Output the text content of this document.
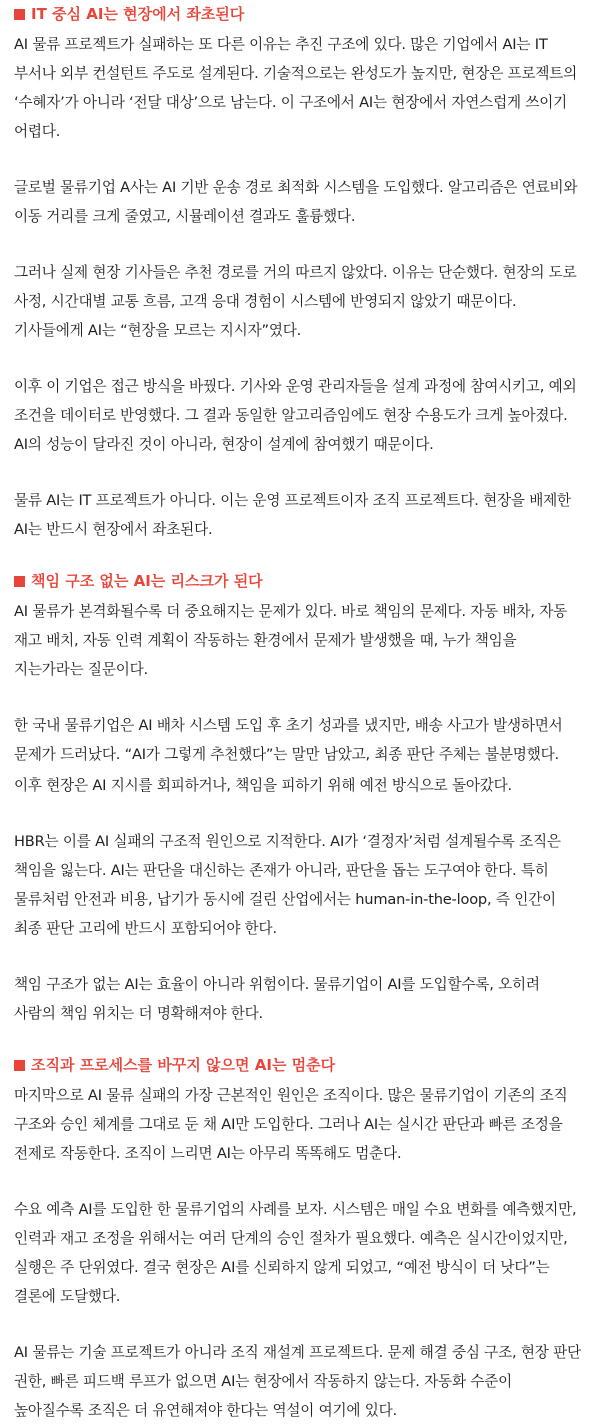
IT 중심 AI는 현장에서 좌초된다

AI 물류 프로젝트가 실패하는 또 다른 이유는 추진 구조에 있다. 많은 기업에서 AI는 IT 부서나 외부 컨설턴트 주도로 설계된다. 기술적으로는 완성도가 높지만, 현장은 프로젝트의 ‘수혜자’가 아니라 ‘전달 대상’으로 남는다. 이 구조에서 AI는 현장에서 자연스럽게 쓰이기 어렵다.

글로벌 물류기업 A사는 AI 기반 운송 경로 최적화 시스템을 도입했다. 알고리즘은 연료비와 이동 거리를 크게 줄였고, 시뮬레이션 결과도 훌륭했다.

그러나 실제 현장 기사들은 추천 경로를 거의 따르지 않았다. 이유는 단순했다. 현장의 도로 사정, 시간대별 교통 흐름, 고객 응대 경험이 시스템에 반영되지 않았기 때문이다. 기사들에게 AI는 “현장을 모르는 지시자”였다.

이후 이 기업은 접근 방식을 바꿨다. 기사와 운영 관리자들을 설계 과정에 참여시키고, 예외 조건을 데이터로 반영했다. 그 결과 동일한 알고리즘임에도 현장 수용도가 크게 높아졌다. AI의 성능이 달라진 것이 아니라, 현장이 설계에 참여했기 때문이다.

물류 AI는 IT 프로젝트가 아니다. 이는 운영 프로젝트이자 조직 프로젝트다. 현장을 배제한 AI는 반드시 현장에서 좌초된다.

책임 구조 없는 AI는 리스크가 된다

AI 물류가 본격화될수록 더 중요해지는 문제가 있다. 바로 책임의 문제다. 자동 배차, 자동 재고 배치, 자동 인력 계획이 작동하는 환경에서 문제가 발생했을 때, 누가 책임을 지는가라는 질문이다.

한 국내 물류기업은 AI 배차 시스템 도입 후 초기 성과를 냈지만, 배송 사고가 발생하면서 문제가 드러났다. “AI가 그렇게 추천했다”는 말만 남았고, 최종 판단 주체는 불분명했다.

이후 현장은 AI 지시를 회피하거나, 책임을 피하기 위해 예전 방식으로 돌아갔다.

HBR는 이를 AI 실패의 구조적 원인으로 지적한다. AI가 ‘결정자’처럼 설계될수록 조직은 책임을 잃는다. AI는 판단을 대신하는 존재가 아니라, 판단을 돕는 도구여야 한다. 특히 물류처럼 안전과 비용, 납기가 동시에 걸린 산업에서는 human-in-the-loop, 즉 인간이 최종 판단 고리에 반드시 포함되어야 한다.

책임 구조가 없는 AI는 효율이 아니라 위험이다. 물류기업이 AI를 도입할수록, 오히려 사람의 책임 위치는 더 명확해져야 한다.

조직과 프로세스를 바꾸지 않으면 AI는 멈춘다

마지막으로 AI 물류 실패의 가장 근본적인 원인은 조직이다. 많은 물류기업이 기존의 조직 구조와 승인 체계를 그대로 둔 채 AI만 도입한다. 그러나 AI는 실시간 판단과 빠른 조정을 전제로 작동한다. 조직이 느리면 AI는 아무리 똑똑해도 멈춘다.

수요 예측 AI를 도입한 한 물류기업의 사례를 보자. 시스템은 매일 수요 변화를 예측했지만, 인력과 재고 조정을 위해서는 여러 단계의 승인 절차가 필요했다. 예측은 실시간이었지만, 실행은 주 단위였다. 결국 현장은 AI를 신뢰하지 않게 되었고, “예전 방식이 더 낫다”는 결론에 도달했다.

AI 물류는 기술 프로젝트가 아니라 조직 재설계 프로젝트다. 문제 해결 중심 구조, 현장 판단 권한, 빠른 피드백 루프가 없으면 AI는 현장에서 작동하지 않는다. 자동화 수준이 높아질수록 조직은 더 유연해져야 한다는 역설이 여기에 있다.
